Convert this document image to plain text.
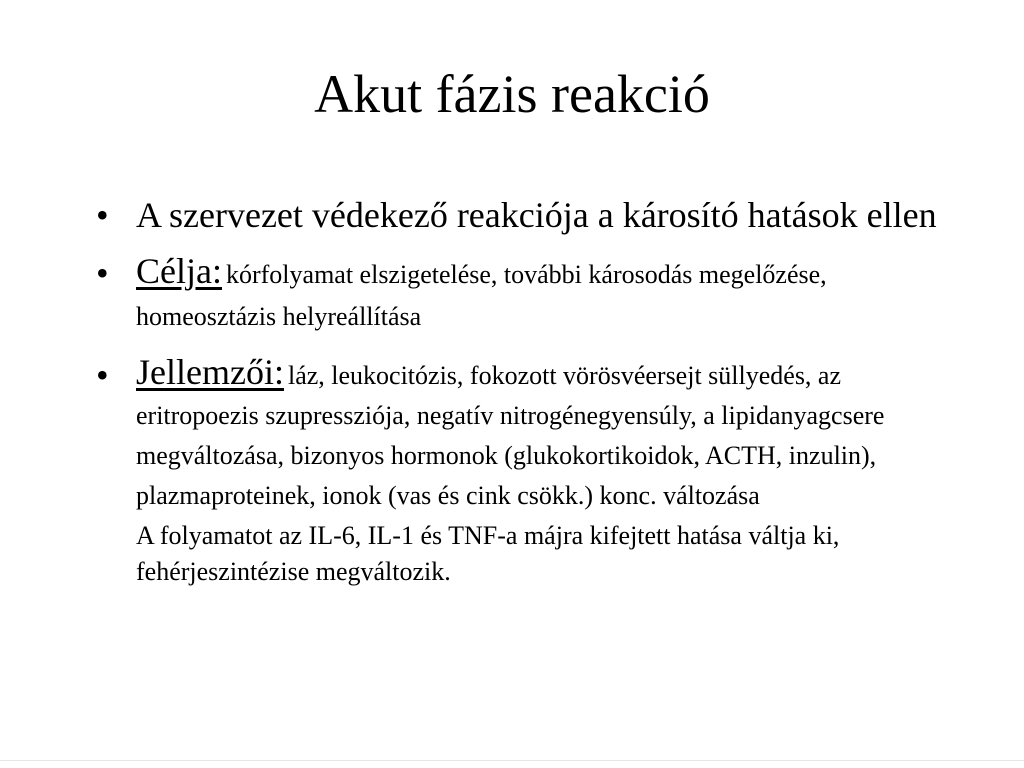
Akut fázis reakció
• A szervezet védekező reakciója a károsító hatások ellen
• Célja: kórfolyamat elszigetelése, további károsodás megelőzése, homeosztázis helyreállítása
• Jellemzői: láz, leukocitózis, fokozott vörösvéersejt süllyedés, az eritropoezis szupressziója, negatív nitrogénegyensúly, a lipidanyagcsere megváltozása, bizonyos hormonok (glukokortikoidok, ACTH, inzulin), plazmaproteinek, ionok (vas és cink csökk.) konc. változása
A folyamatot az IL-6, IL-1 és TNF-a májra kifejtett hatása váltja ki, fehérjeszintézise megváltozik.
